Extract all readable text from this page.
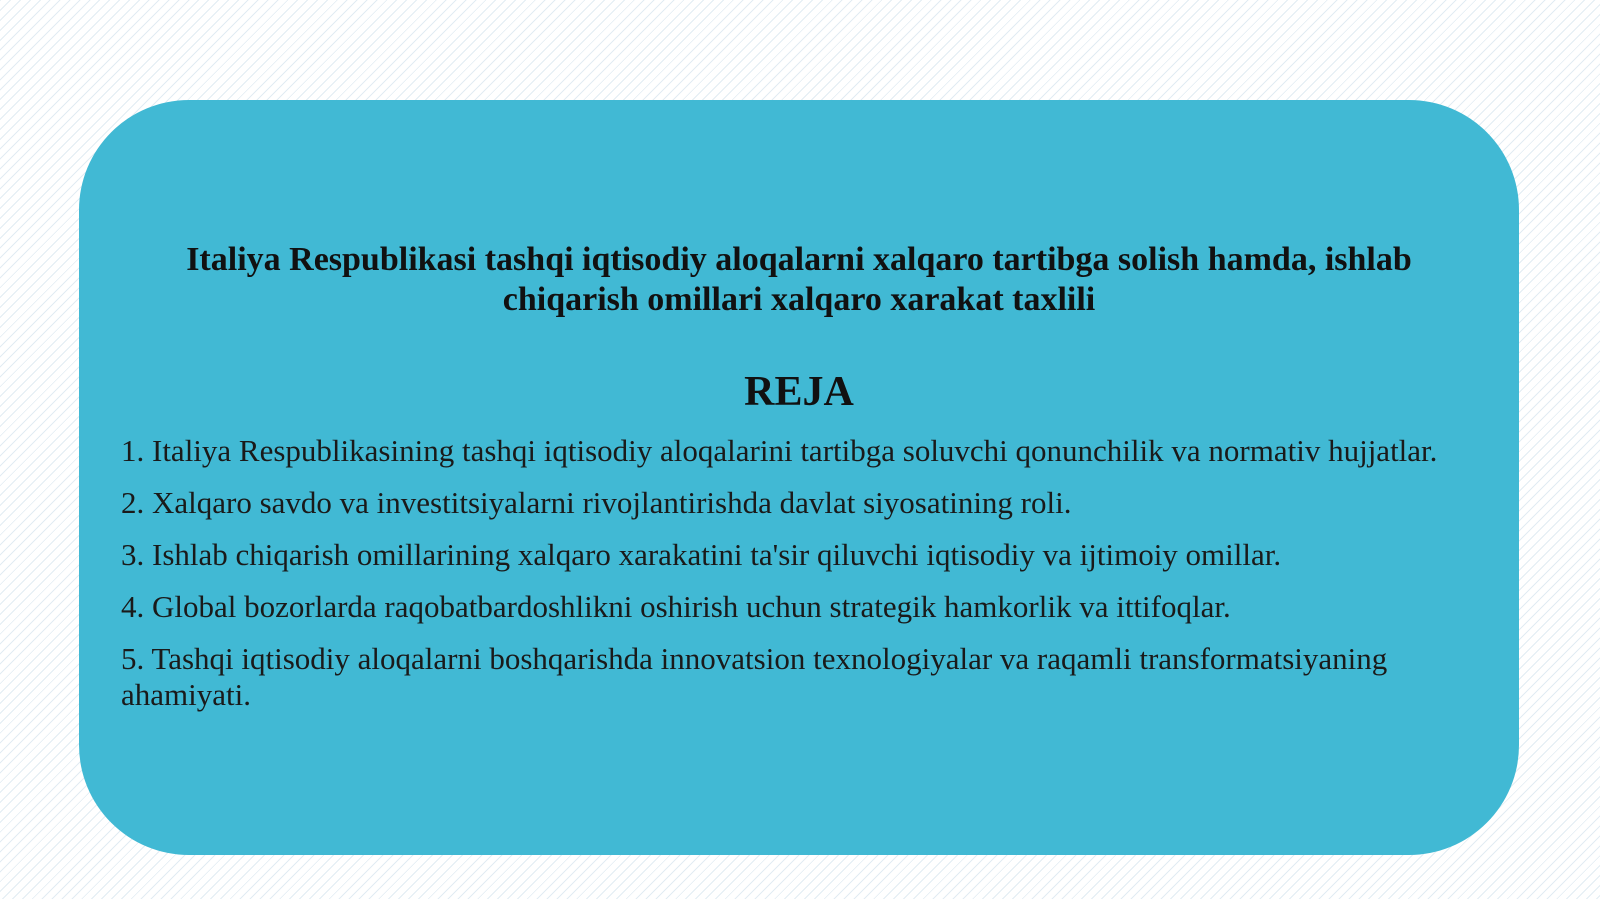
Italiya Respublikasi tashqi iqtisodiy aloqalarni xalqaro tartibga solish hamda, ishlab chiqarish omillari xalqaro xarakat taxlili
REJA
1. Italiya Respublikasining tashqi iqtisodiy aloqalarini tartibga soluvchi qonunchilik va normativ hujjatlar.
2. Xalqaro savdo va investitsiyalarni rivojlantirishda davlat siyosatining roli.
3. Ishlab chiqarish omillarining xalqaro xarakatini ta'sir qiluvchi iqtisodiy va ijtimoiy omillar.
4. Global bozorlarda raqobatbardoshlikni oshirish uchun strategik hamkorlik va ittifoqlar.
5. Tashqi iqtisodiy aloqalarni boshqarishda innovatsion texnologiyalar va raqamli transformatsiyaning ahamiyati.
